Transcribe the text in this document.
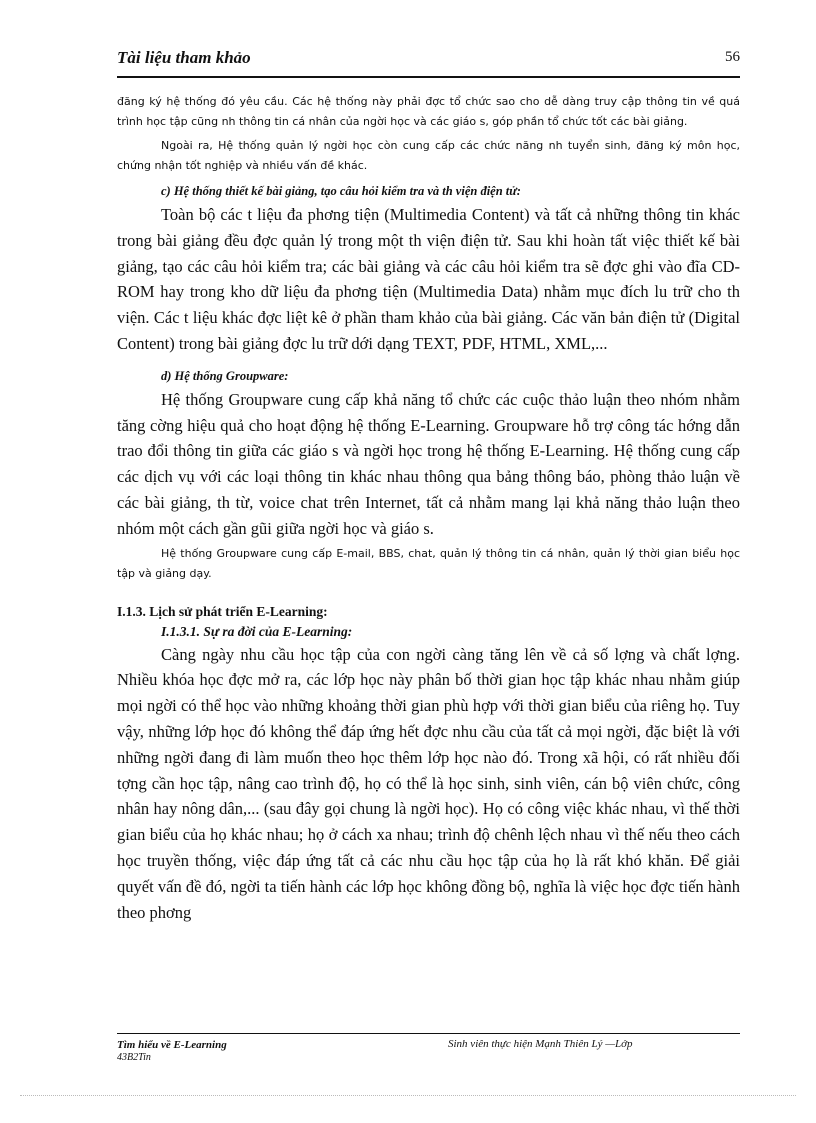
Tài liệu tham khảo	56

đăng ký hệ thống đó yêu cầu. Các hệ thống này phải đợc tổ chức sao cho dễ dàng truy cập thông tin về quá trình học tập cũng nh thông tin cá nhân của ngời học và các giáo s, góp phần tổ chức tốt các bài giảng.

Ngoài ra, Hệ thống quản lý ngời học còn cung cấp các chức năng nh tuyển sinh, đăng ký môn học, chứng nhận tốt nghiệp và nhiều vấn đề khác.

c) Hệ thống thiết kế bài giảng, tạo câu hỏi kiểm tra và th viện điện tử:

Toàn bộ các t liệu đa phơng tiện (Multimedia Content) và tất cả những thông tin khác trong bài giảng đều đợc quản lý trong một th viện điện tử. Sau khi hoàn tất việc thiết kế bài giảng, tạo các câu hỏi kiểm tra; các bài giảng và các câu hỏi kiểm tra sẽ đợc ghi vào đĩa CD-ROM hay trong kho dữ liệu đa phơng tiện (Multimedia Data) nhằm mục đích lu trữ cho th viện. Các t liệu khác đợc liệt kê ở phần tham khảo của bài giảng. Các văn bản điện tử (Digital Content) trong bài giảng đợc lu trữ dới dạng TEXT, PDF, HTML, XML,...

d) Hệ thống Groupware:

Hệ thống Groupware cung cấp khả năng tổ chức các cuộc thảo luận theo nhóm nhằm tăng cờng hiệu quả cho hoạt động hệ thống E-Learning. Groupware hỗ trợ công tác hớng dẫn trao đổi thông tin giữa các giáo s và ngời học trong hệ thống E-Learning. Hệ thống cung cấp các dịch vụ với các loại thông tin khác nhau thông qua bảng thông báo, phòng thảo luận về các bài giảng, th từ, voice chat trên Internet, tất cả nhằm mang lại khả năng thảo luận theo nhóm một cách gần gũi giữa ngời học và giáo s.

Hệ thống Groupware cung cấp E-mail, BBS, chat, quản lý thông tin cá nhân, quản lý thời gian biểu học tập và giảng dạy.

I.1.3. Lịch sử phát triển E-Learning:

I.1.3.1. Sự ra đời của E-Learning:

Càng ngày nhu cầu học tập của con ngời càng tăng lên về cả số lợng và chất lợng. Nhiều khóa học đợc mở ra, các lớp học này phân bố thời gian học tập khác nhau nhằm giúp mọi ngời có thể học vào những khoảng thời gian phù hợp với thời gian biểu của riêng họ. Tuy vậy, những lớp học đó không thể đáp ứng hết đợc nhu cầu của tất cả mọi ngời, đặc biệt là với những ngời đang đi làm muốn theo học thêm lớp học nào đó. Trong xã hội, có rất nhiều đối tợng cần học tập, nâng cao trình độ, họ có thể là học sinh, sinh viên, cán bộ viên chức, công nhân hay nông dân,... (sau đây gọi chung là ngời học). Họ có công việc khác nhau, vì thế thời gian biểu của họ khác nhau; họ ở cách xa nhau; trình độ chênh lệch nhau vì thế nếu theo cách học truyền thống, việc đáp ứng tất cả các nhu cầu học tập của họ là rất khó khăn. Để giải quyết vấn đề đó, ngời ta tiến hành các lớp học không đồng bộ, nghĩa là việc học đợc tiến hành theo phơng

Tìm hiểu về E-Learning
43B2Tin
Sinh viên thực hiện Mạnh Thiên Lý —Lớp
